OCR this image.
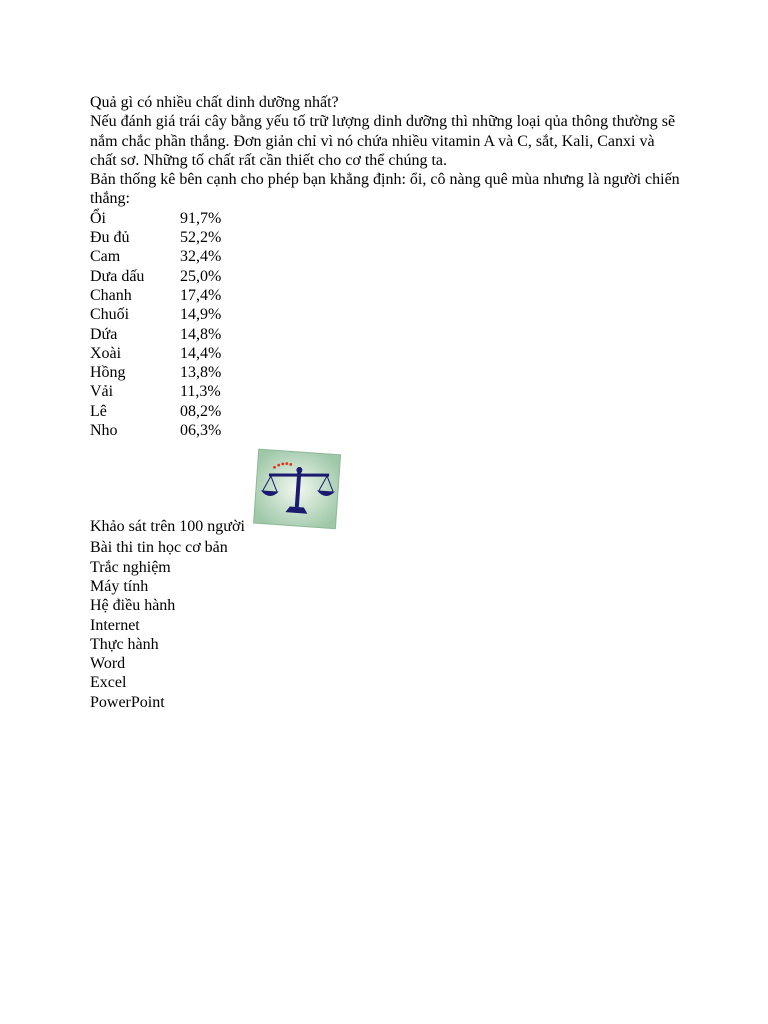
Quả gì có nhiều chất dinh dưỡng nhất?

Nếu đánh giá trái cây bằng yếu tố trữ lượng dinh dưỡng thì những loại qủa thông thường sẽ nắm chắc phần thắng. Đơn giản chỉ vì nó chứa nhiều vitamin A và C, sắt, Kali, Canxi và chất sơ. Những tố chất rất cần thiết cho cơ thể chúng ta.

Bản thống kê bên cạnh cho phép bạn khẳng định: ổi, cô nàng quê mùa nhưng là người chiến thắng:

Ổi	91,7%
Đu đủ	52,2%
Cam	32,4%
Dưa dấu	25,0%
Chanh	17,4%
Chuối	14,9%
Dứa	14,8%
Xoài	14,4%
Hồng	13,8%
Vải	11,3%
Lê	08,2%
Nho	06,3%
Khảo sát trên 100 người
Bài thi tin học cơ bản
Trắc nghiệm
Máy tính
Hệ điều hành
Internet
Thực hành
Word
Excel
PowerPoint
